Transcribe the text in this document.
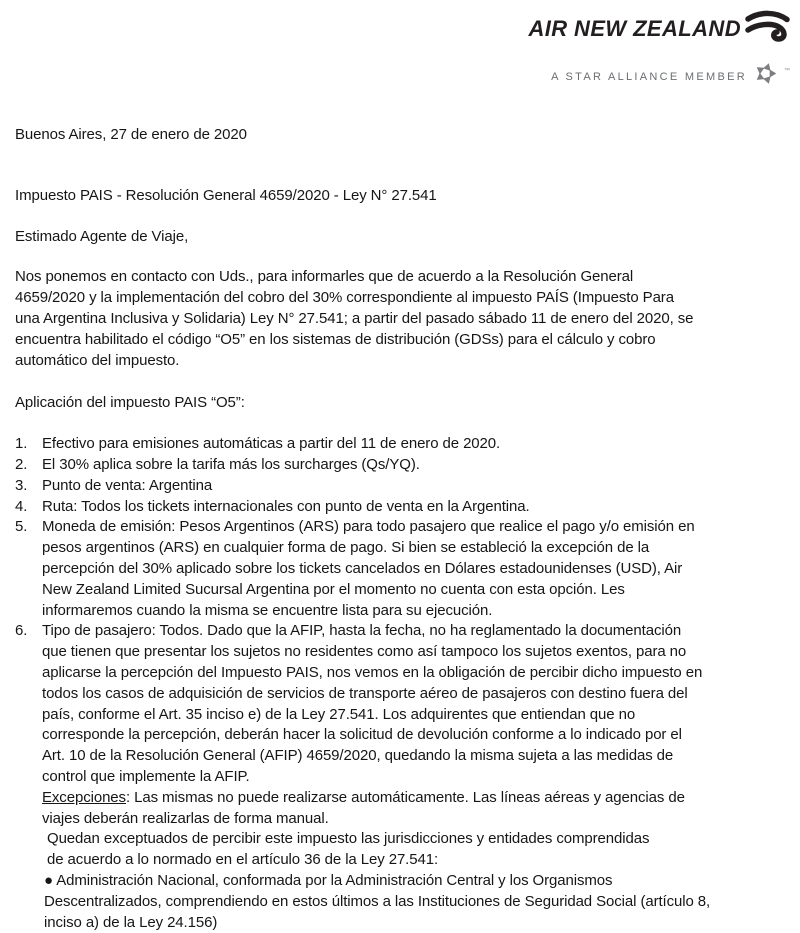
AIR NEW ZEALAND
A STAR ALLIANCE MEMBER	™
Buenos Aires, 27 de enero de 2020
Impuesto PAIS - Resolución General 4659/2020 - Ley N° 27.541
Estimado Agente de Viaje,
Nos ponemos en contacto con Uds., para informarles que de acuerdo a la Resolución General
4659/2020 y la implementación del cobro del 30% correspondiente al impuesto PAÍS (Impuesto Para
una Argentina Inclusiva y Solidaria) Ley N° 27.541; a partir del pasado sábado 11 de enero del 2020, se
encuentra habilitado el código “O5” en los sistemas de distribución (GDSs) para el cálculo y cobro
automático del impuesto.
Aplicación del impuesto PAIS “O5”:
1. Efectivo para emisiones automáticas a partir del 11 de enero de 2020.
2. El 30% aplica sobre la tarifa más los surcharges (Qs/YQ).
3. Punto de venta: Argentina
4. Ruta: Todos los tickets internacionales con punto de venta en la Argentina.
5. Moneda de emisión: Pesos Argentinos (ARS) para todo pasajero que realice el pago y/o emisión en
pesos argentinos (ARS) en cualquier forma de pago. Si bien se estableció la excepción de la
percepción del 30% aplicado sobre los tickets cancelados en Dólares estadounidenses (USD), Air
New Zealand Limited Sucursal Argentina por el momento no cuenta con esta opción. Les
informaremos cuando la misma se encuentre lista para su ejecución.
6. Tipo de pasajero: Todos. Dado que la AFIP, hasta la fecha, no ha reglamentado la documentación
que tienen que presentar los sujetos no residentes como así tampoco los sujetos exentos, para no
aplicarse la percepción del Impuesto PAIS, nos vemos en la obligación de percibir dicho impuesto en
todos los casos de adquisición de servicios de transporte aéreo de pasajeros con destino fuera del
país, conforme el Art. 35 inciso e) de la Ley 27.541. Los adquirentes que entiendan que no
corresponde la percepción, deberán hacer la solicitud de devolución conforme a lo indicado por el
Art. 10 de la Resolución General (AFIP) 4659/2020, quedando la misma sujeta a las medidas de
control que implemente la AFIP.
Excepciones: Las mismas no puede realizarse automáticamente. Las líneas aéreas y agencias de
viajes deberán realizarlas de forma manual.
Quedan exceptuados de percibir este impuesto las jurisdicciones y entidades comprendidas
de acuerdo a lo normado en el artículo 36 de la Ley 27.541:
● Administración Nacional, conformada por la Administración Central y los Organismos
Descentralizados, comprendiendo en estos últimos a las Instituciones de Seguridad Social (artículo 8,
inciso a) de la Ley 24.156)
